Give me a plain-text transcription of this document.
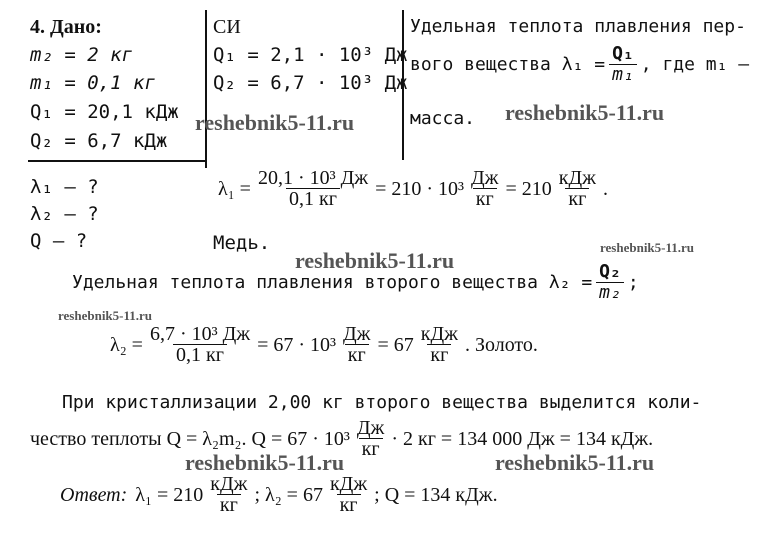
4. Дано:
m₂ = 2 кг
m₁ = 0,1 кг
Q₁ = 20,1 кДж
Q₂ = 6,7 кДж
λ₁ — ?
λ₂ — ?
Q — ?
СИ
Q₁ = 2,1 · 10³ Дж
Q₂ = 6,7 · 10³ Дж
Удельная теплота плавления пер-
вого вещества $\lambda_1 = \frac{\text{Q₁}}{\text{m₁}}$ , где m₁ —
масса.
$\lambda_1 = \frac{\text{20,1 · 10³ Дж}}{0,1 кг} = 210 \cdot 10^3 \frac{Дж}{кг} = 210 \frac{\text{кДж}}{кг}$ .
Медь.
Удельная теплота плавления второго вещества $\lambda_2 = \frac{\text{Q₂}}{\text{m₂}}$ ;
$\lambda_2 = \frac{\text{6,7 · 10³ Дж}}{0,1 кг} = 67 \cdot 10^3 \frac{Дж}{кг} = 67 \frac{\text{кДж}}{кг}$ . Золото.
При кристаллизации 2,00 кг второго вещества выделится коли-
чество теплоты Q = λ₂m₂. $Q = 67 \cdot 10^3 \frac{Дж}{кг} \cdot 2$ кг = 134 000 Дж = 134 кДж.
Ответ: $\lambda_1 = 210 \frac{\text{кДж}}{кг}$ ; $\lambda_2 = 67 \frac{\text{кДж}}{кг}$ ; Q = 134 кДж.
reshebnik5-11.ru	reshebnik5-11.ru
reshebnik5-11.ru
reshebnik5-11.ru
reshebnik5-11.ru
reshebnik5-11.ru	reshebnik5-11.ru
